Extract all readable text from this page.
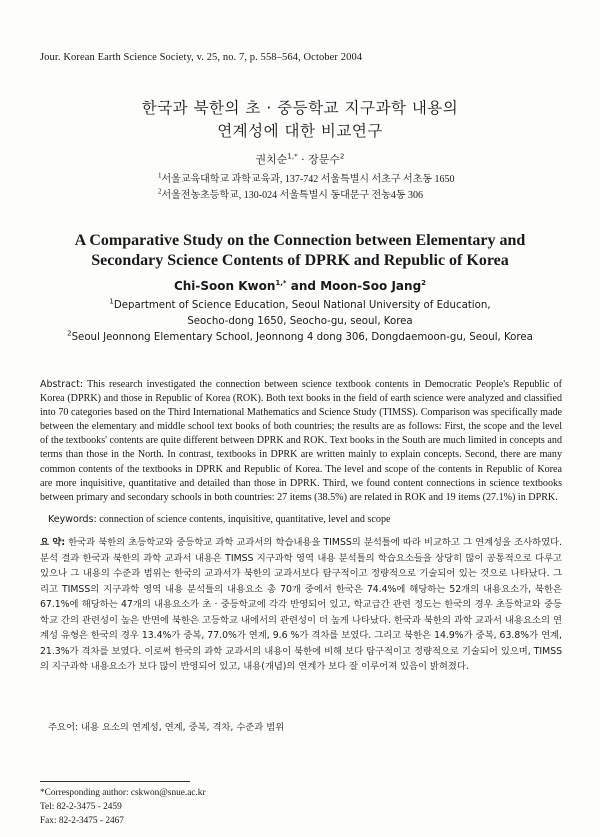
Jour. Korean Earth Science Society, v. 25, no. 7, p. 558–564, October 2004
한국과 북한의 초 · 중등학교 지구과학 내용의
연계성에 대한 비교연구
권치순$^{1,*}$ · 장문수$^2$
$^1$서울교육대학교 과학교육과, 137-742 서울특별시 서초구 서초동 1650
$^2$서울전농초등학교, 130-024 서울특별시 동대문구 전농4동 306
A Comparative Study on the Connection between Elementary and
Secondary Science Contents of DPRK and Republic of Korea
Chi-Soon Kwon$^{1,*}$ and Moon-Soo Jang$^2$
$^1$Department of Science Education, Seoul National University of Education,
Seocho-dong 1650, Seocho-gu, seoul, Korea
$^2$Seoul Jeonnong Elementary School, Jeonnong 4 dong 306, Dongdaemoon-gu, Seoul, Korea
Abstract: This research investigated the connection between science textbook contents in Democratic People's Republic of Korea (DPRK) and those in Republic of Korea (ROK). Both text books in the field of earth science were analyzed and classified into 70 categories based on the Third International Mathematics and Science Study (TIMSS). Comparison was specifically made between the elementary and middle school text books of both countries; the results are as follows: First, the scope and the level of the textbooks' contents are quite different between DPRK and ROK. Text books in the South are much limited in concepts and terms than those in the North. In contrast, textbooks in DPRK are written mainly to explain concepts. Second, there are many common contents of the textbooks in DPRK and Republic of Korea. The level and scope of the contents in Republic of Korea are more inquisitive, quantitative and detailed than those in DPRK. Third, we found content connections in science textbooks between primary and secondary schools in both countries: 27 items (38.5%) are related in ROK and 19 items (27.1%) in DPRK.
Keywords: connection of science contents, inquisitive, quantitative, level and scope
요 약: 한국과 북한의 초등학교와 중등학교 과학 교과서의 학습내용을 TIMSS의 분석틀에 따라 비교하고 그 연계성을 조사하였다. 분석 결과 한국과 북한의 과학 교과서 내용은 TIMSS 지구과학 영역 내용 분석틀의 학습요소들을 상당히 많이 공통적으로 다루고 있으나 그 내용의 수준과 범위는 한국의 교과서가 북한의 교과서보다 탐구적이고 정량적으로 기술되어 있는 것으로 나타났다. 그리고 TIMSS의 지구과학 영역 내용 분석틀의 내용요소 총 70개 중에서 한국은 74.4%에 해당하는 52개의 내용요소가, 북한은 67.1%에 해당하는 47개의 내용요소가 초 · 중등학교에 각각 반영되어 있고, 학교급간 관련 정도는 한국의 경우 초등학교와 중등학교 간의 관련성이 높은 반면에 북한은 고등학교 내에서의 관련성이 더 높게 나타났다. 한국과 북한의 과학 교과서 내용요소의 연계성 유형은 한국의 경우 13.4%가 중복, 77.0%가 연계, 9.6 %가 격차를 보였다. 그리고 북한은 14.9%가 중복, 63.8%가 연계, 21.3%가 격차를 보였다. 이로써 한국의 과학 교과서의 내용이 북한에 비해 보다 탐구적이고 정량적으로 기술되어 있으며, TIMSS의 지구과학 내용요소가 보다 많이 반영되어 있고, 내용(개념)의 연계가 보다 잘 이루어져 있음이 밝혀졌다.
주요어: 내용 요소의 연계성, 연계, 중복, 격차, 수준과 범위
*Corresponding author: cskwon@snue.ac.kr
Tel: 82-2-3475 - 2459
Fax: 82-2-3475 - 2467
